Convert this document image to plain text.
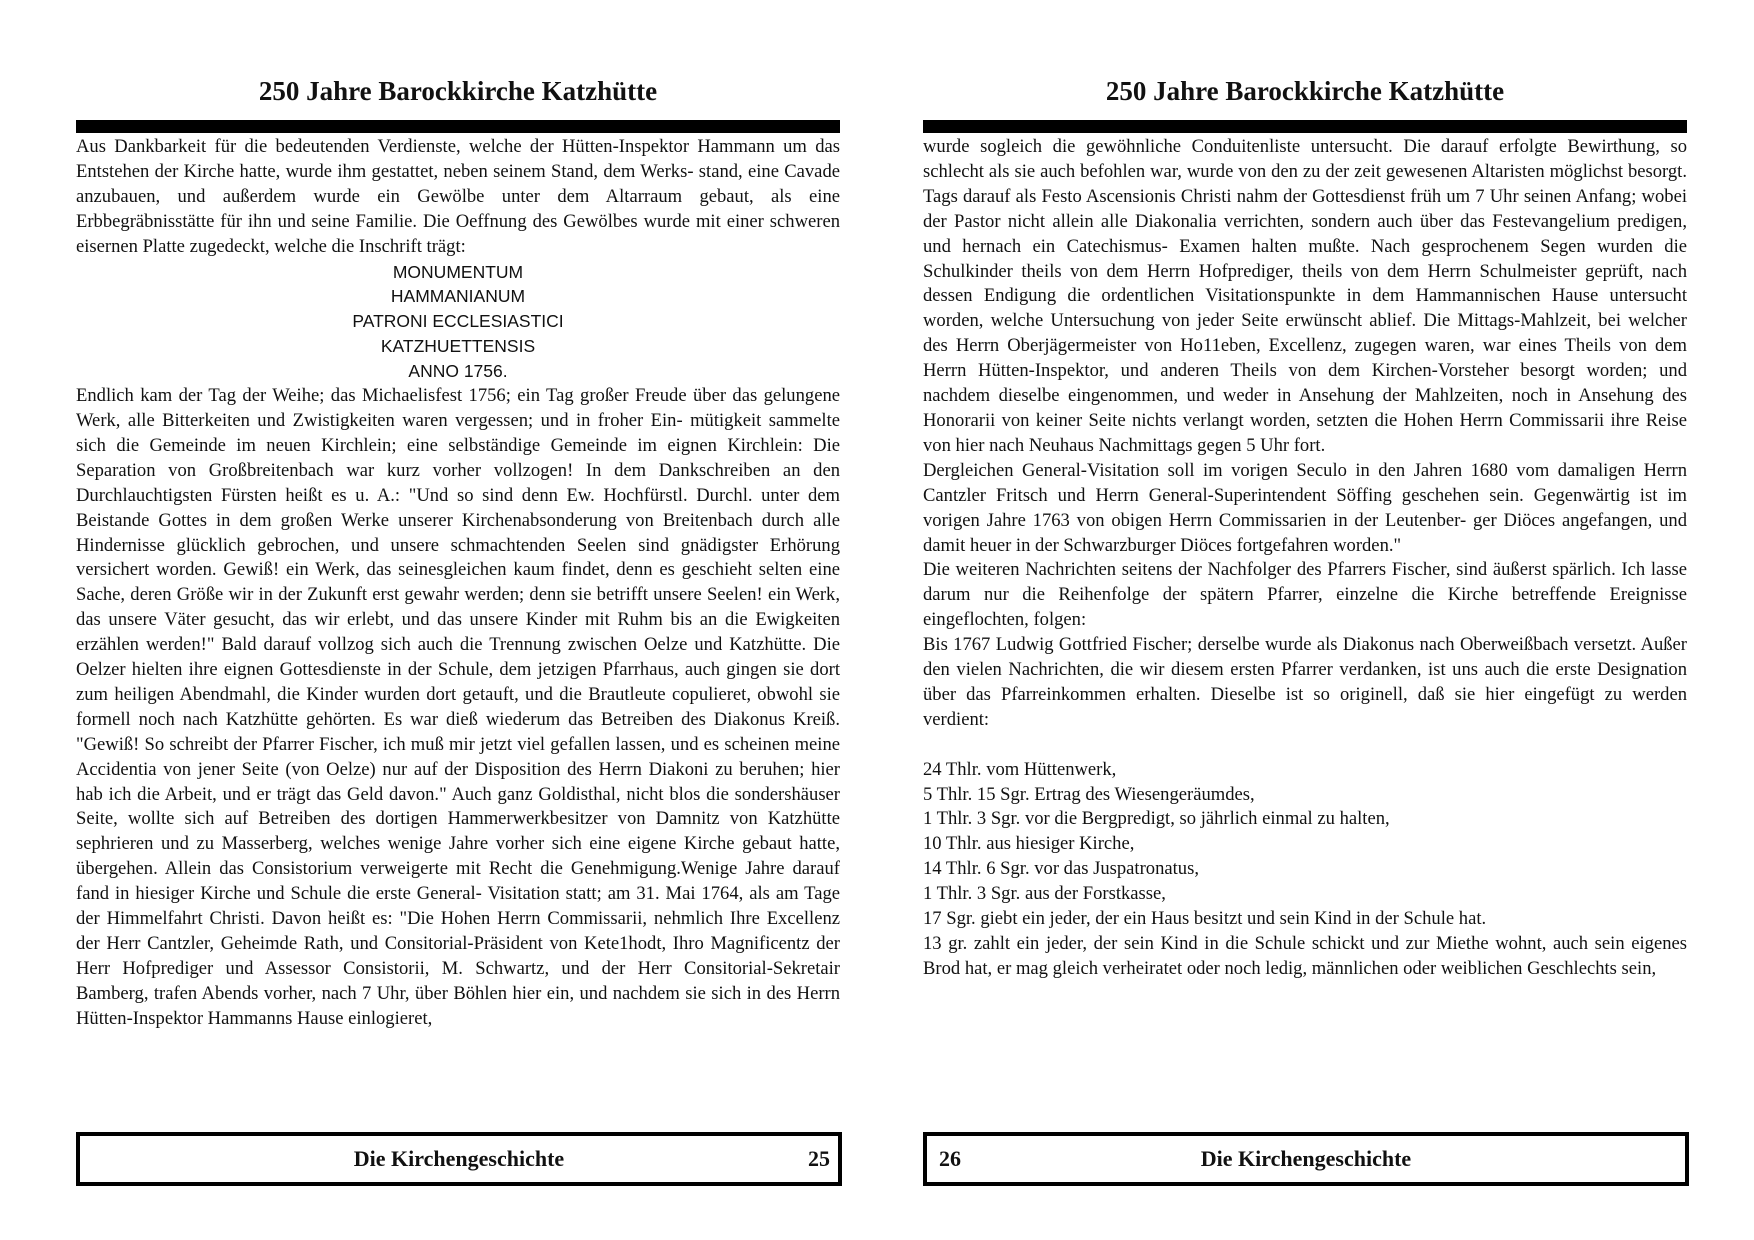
250 Jahre Barockkirche Katzhütte

Aus Dankbarkeit für die bedeutenden Verdienste, welche der Hütten-Inspektor Hammann um das Entstehen der Kirche hatte, wurde ihm gestattet, neben seinem Stand, dem Werks- stand, eine Cavade anzubauen, und außerdem wurde ein Gewölbe unter dem Altarraum gebaut, als eine Erbbegräbnisstätte für ihn und seine Familie. Die Oeffnung des Gewölbes wurde mit einer schweren eisernen Platte zugedeckt, welche die Inschrift trägt:

MONUMENTUM

HAMMANIANUM

PATRONI ECCLESIASTICI

KATZHUETTENSIS

ANNO 1756.

Endlich kam der Tag der Weihe; das Michaelisfest 1756; ein Tag großer Freude über das gelungene Werk, alle Bitterkeiten und Zwistigkeiten waren vergessen; und in froher Ein- mütigkeit sammelte sich die Gemeinde im neuen Kirchlein; eine selbständige Gemeinde im eignen Kirchlein: Die Separation von Großbreitenbach war kurz vorher vollzogen! In dem Dankschreiben an den Durchlauchtigsten Fürsten heißt es u. A.: "Und so sind denn Ew. Hochfürstl. Durchl. unter dem Beistande Gottes in dem großen Werke unserer Kirchenabsonderung von Breitenbach durch alle Hindernisse glücklich gebrochen, und unsere schmachtenden Seelen sind gnädigster Erhörung versichert worden. Gewiß! ein Werk, das seinesgleichen kaum findet, denn es geschieht selten eine Sache, deren Größe wir in der Zukunft erst gewahr werden; denn sie betrifft unsere Seelen! ein Werk, das unsere Väter gesucht, das wir erlebt, und das unsere Kinder mit Ruhm bis an die Ewigkeiten erzählen werden!" Bald darauf vollzog sich auch die Trennung zwischen Oelze und Katzhütte. Die Oelzer hielten ihre eignen Gottesdienste in der Schule, dem jetzigen Pfarrhaus, auch gingen sie dort zum heiligen Abendmahl, die Kinder wurden dort getauft, und die Brautleute copulieret, obwohl sie formell noch nach Katzhütte gehörten. Es war dieß wiederum das Betreiben des Diakonus Kreiß. "Gewiß! So schreibt der Pfarrer Fischer, ich muß mir jetzt viel gefallen lassen, und es scheinen meine Accidentia von jener Seite (von Oelze) nur auf der Disposition des Herrn Diakoni zu beruhen; hier hab ich die Arbeit, und er trägt das Geld davon." Auch ganz Goldisthal, nicht blos die sondershäuser Seite, wollte sich auf Betreiben des dortigen Hammerwerkbesitzer von Damnitz von Katzhütte sephrieren und zu Masserberg, welches wenige Jahre vorher sich eine eigene Kirche gebaut hatte, übergehen. Allein das Consistorium verweigerte mit Recht die Genehmigung.Wenige Jahre darauf fand in hiesiger Kirche und Schule die erste General- Visitation statt; am 31. Mai 1764, als am Tage der Himmelfahrt Christi. Davon heißt es: "Die Hohen Herrn Commissarii, nehmlich Ihre Excellenz der Herr Cantzler, Geheimde Rath, und Consitorial-Präsident von Kete1hodt, Ihro Magnificentz der Herr Hofprediger und Assessor Consistorii, M. Schwartz, und der Herr Consitorial-Sekretair Bamberg, trafen Abends vorher, nach 7 Uhr, über Böhlen hier ein, und nachdem sie sich in des Herrn Hütten-Inspektor Hammanns Hause einlogieret,

Die Kirchengeschichte	25
250 Jahre Barockkirche Katzhütte

wurde sogleich die gewöhnliche Conduitenliste untersucht. Die darauf erfolgte Bewirthung, so schlecht als sie auch befohlen war, wurde von den zu der zeit gewesenen Altaristen möglichst besorgt. Tags darauf als Festo Ascensionis Christi nahm der Gottesdienst früh um 7 Uhr seinen Anfang; wobei der Pastor nicht allein alle Diakonalia verrichten, sondern auch über das Festevangelium predigen, und hernach ein Catechismus- Examen halten mußte. Nach gesprochenem Segen wurden die Schulkinder theils von dem Herrn Hofprediger, theils von dem Herrn Schulmeister geprüft, nach dessen Endigung die ordentlichen Visitationspunkte in dem Hammannischen Hause untersucht worden, welche Untersuchung von jeder Seite erwünscht ablief. Die Mittags-Mahlzeit, bei welcher des Herrn Oberjägermeister von Ho11eben, Excellenz, zugegen waren, war eines Theils von dem Herrn Hütten-Inspektor, und anderen Theils von dem Kirchen-Vorsteher besorgt worden; und nachdem dieselbe eingenommen, und weder in Ansehung der Mahlzeiten, noch in Ansehung des Honorarii von keiner Seite nichts verlangt worden, setzten die Hohen Herrn Commissarii ihre Reise von hier nach Neuhaus Nachmittags gegen 5 Uhr fort.

Dergleichen General-Visitation soll im vorigen Seculo in den Jahren 1680 vom damaligen Herrn Cantzler Fritsch und Herrn General-Superintendent Söffing geschehen sein. Gegenwärtig ist im vorigen Jahre 1763 von obigen Herrn Commissarien in der Leutenber- ger Diöces angefangen, und damit heuer in der Schwarzburger Diöces fortgefahren worden."

Die weiteren Nachrichten seitens der Nachfolger des Pfarrers Fischer, sind äußerst spärlich. Ich lasse darum nur die Reihenfolge der spätern Pfarrer, einzelne die Kirche betreffende Ereignisse eingeflochten, folgen:

Bis 1767 Ludwig Gottfried Fischer; derselbe wurde als Diakonus nach Oberweißbach versetzt. Außer den vielen Nachrichten, die wir diesem ersten Pfarrer verdanken, ist uns auch die erste Designation über das Pfarreinkommen erhalten. Dieselbe ist so originell, daß sie hier eingefügt zu werden verdient:

24 Thlr. vom Hüttenwerk,

5 Thlr. 15 Sgr. Ertrag des Wiesengeräumdes,

1 Thlr. 3 Sgr. vor die Bergpredigt, so jährlich einmal zu halten,

10 Thlr. aus hiesiger Kirche,

14 Thlr. 6 Sgr. vor das Juspatronatus,

1 Thlr. 3 Sgr. aus der Forstkasse,

17 Sgr. giebt ein jeder, der ein Haus besitzt und sein Kind in der Schule hat.

13 gr. zahlt ein jeder, der sein Kind in die Schule schickt und zur Miethe wohnt, auch sein eigenes Brod hat, er mag gleich verheiratet oder noch ledig, männlichen oder weiblichen Geschlechts sein,

26	Die Kirchengeschichte
